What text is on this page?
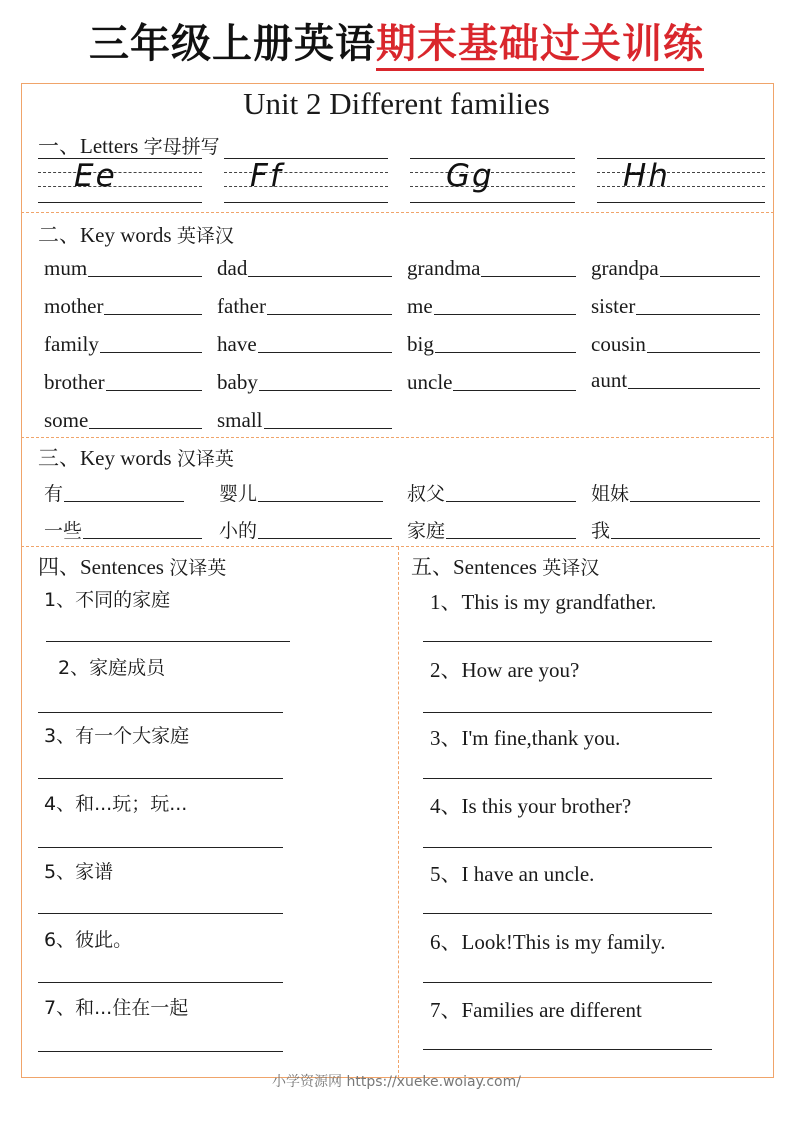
三年级上册英语期末基础过关训练
Unit 2 Different families
一、Letters 字母拼写
Ee	Ff	Gg	Hh
二、Key words 英译汉
mum	dad	grandma	grandpa
mother	father	me	sister
family	have	big	cousin
brother	baby	uncle	aunt
some	small
三、Key words 汉译英
有	婴儿	叔父	姐妹
一些	小的	家庭	我
四、Sentences 汉译英
1、不同的家庭
2、家庭成员
3、有一个大家庭
4、和...玩；玩...
5、家谱
6、彼此。
7、和...住在一起
五、Sentences 英译汉
1、This is my grandfather.
2、How are you?
3、I'm fine,thank you.
4、Is this your brother?
5、I have an uncle.
6、Look!This is my family.
7、Families are different
小学资源网 https://xueke.woiay.com/
